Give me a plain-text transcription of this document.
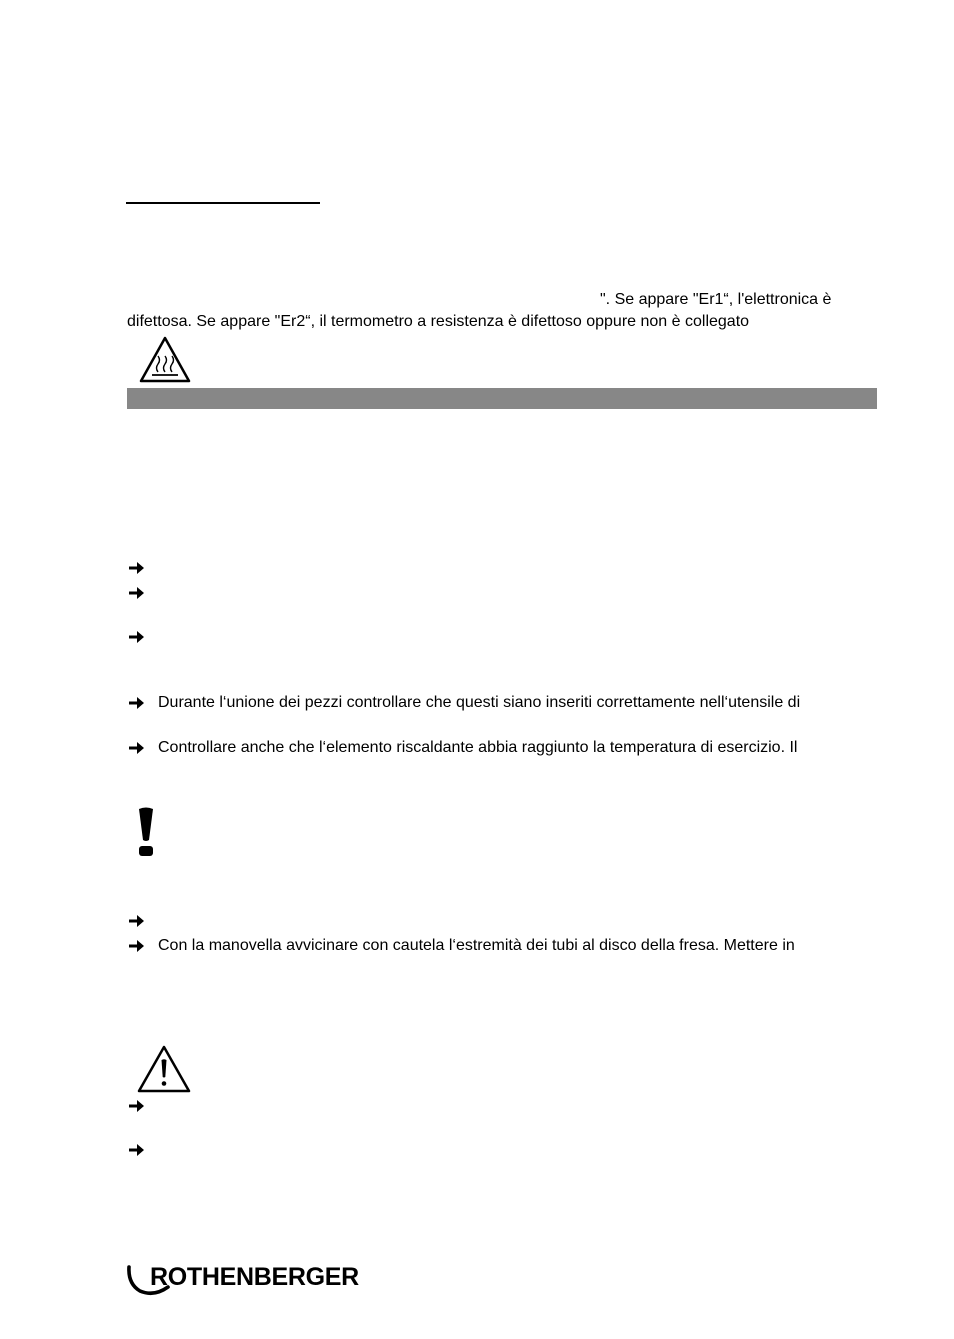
". Se appare "Er1“, l'elettronica è
difettosa. Se appare "Er2“, il termometro a resistenza è difettoso oppure non è collegato
Durante l‘unione dei pezzi controllare che questi siano inseriti correttamente nell‘utensile di
Controllare anche che l‘elemento riscaldante abbia raggiunto la temperatura di esercizio. Il
Con la manovella avvicinare con cautela l‘estremità dei tubi al disco della fresa. Mettere in
ROTHENBERGER
